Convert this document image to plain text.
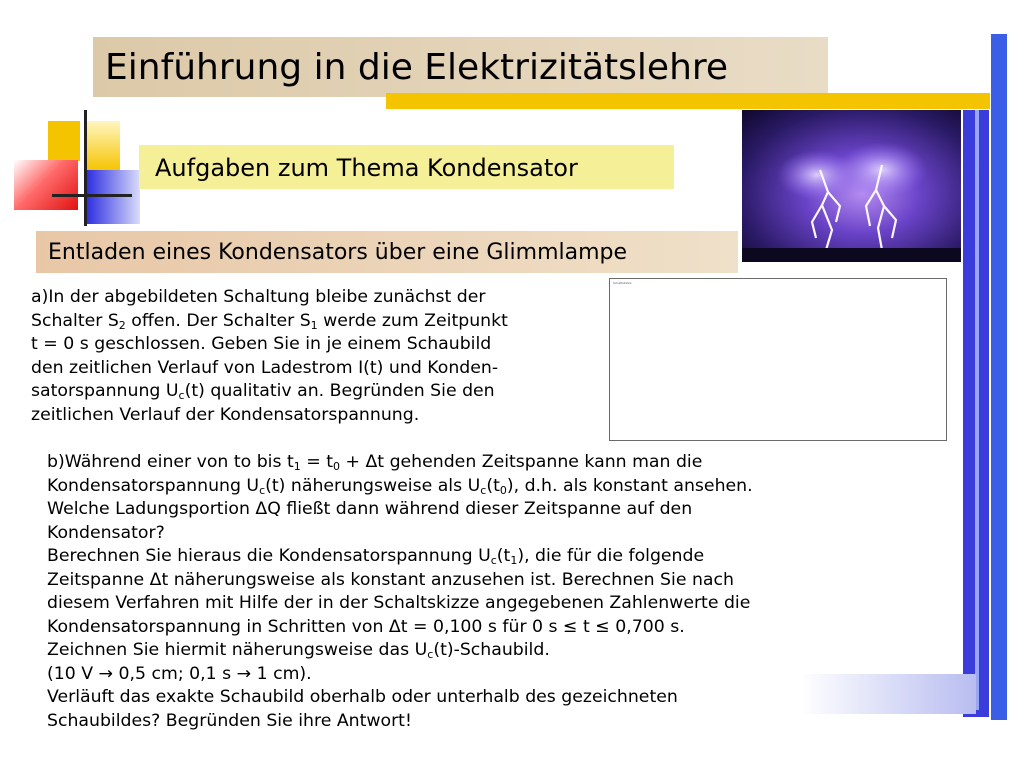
Einführung in die Elektrizitätslehre
Aufgaben zum Thema Kondensator
Entladen eines Kondensators über eine Glimmlampe
Schaltskizze

a)In der abgebildeten Schaltung bleibe zunächst der

Schalter $S_2$ offen. Der Schalter $S_1$ werde zum Zeitpunkt

t = 0 s geschlossen. Geben Sie in je einem Schaubild

den zeitlichen Verlauf von Ladestrom I(t) und Konden-

satorspannung $U_c(t)$ qualitativ an. Begründen Sie den

zeitlichen Verlauf der Kondensatorspannung.

b)Während einer von to bis $t_1 = t_0 + \Delta t$ gehenden Zeitspanne kann man die

Kondensatorspannung $U_c(t)$ näherungsweise als $U_c(t_0)$, d.h. als konstant ansehen.

Welche Ladungsportion ΔQ fließt dann während dieser Zeitspanne auf den

Kondensator?

Berechnen Sie hieraus die Kondensatorspannung $U_c(t_1)$, die für die folgende

Zeitspanne Δt näherungsweise als konstant anzusehen ist. Berechnen Sie nach

diesem Verfahren mit Hilfe der in der Schaltskizze angegebenen Zahlenwerte die

Kondensatorspannung in Schritten von Δt = 0,100 s für 0 s ≤ t ≤ 0,700 s.

Zeichnen Sie hiermit näherungsweise das $U_c(t)$-Schaubild.

(10 V → 0,5 cm; 0,1 s → 1 cm).

Verläuft das exakte Schaubild oberhalb oder unterhalb des gezeichneten

Schaubildes? Begründen Sie ihre Antwort!
